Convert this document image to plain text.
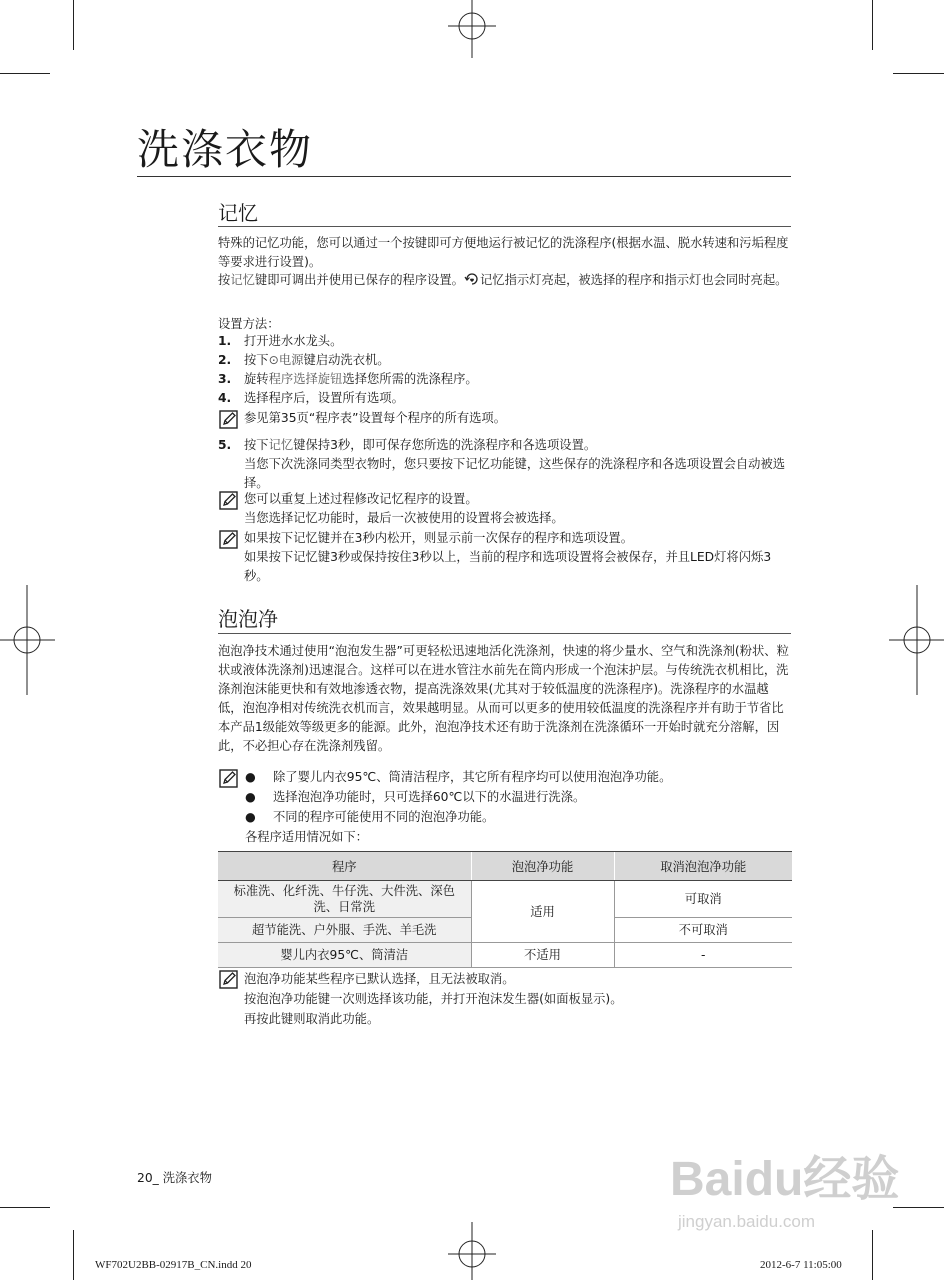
洗涤衣物
记忆
特殊的记忆功能，您可以通过一个按键即可方便地运行被记忆的洗涤程序(根据水温、脱水转速和污垢程度等要求进行设置)。
按记忆键即可调出并使用已保存的程序设置。 记忆指示灯亮起，被选择的程序和指示灯也会同时亮起。
设置方法：
1. 打开进水水龙头。
2. 按下⊙电源键启动洗衣机。
3. 旋转程序选择旋钮选择您所需的洗涤程序。
4. 选择程序后，设置所有选项。
参见第35页“程序表”设置每个程序的所有选项。
5. 按下记忆键保持3秒，即可保存您所选的洗涤程序和各选项设置。
当您下次洗涤同类型衣物时，您只要按下记忆功能键，这些保存的洗涤程序和各选项设置会自动被选择。
您可以重复上述过程修改记忆程序的设置。
当您选择记忆功能时，最后一次被使用的设置将会被选择。
如果按下记忆键并在3秒内松开，则显示前一次保存的程序和选项设置。
如果按下记忆键3秒或保持按住3秒以上，当前的程序和选项设置将会被保存，并且LED灯将闪烁3秒。
泡泡净
泡泡净技术通过使用“泡泡发生器”可更轻松迅速地活化洗涤剂，快速的将少量水、空气和洗涤剂(粉状、粒状或液体洗涤剂)迅速混合。这样可以在进水管注水前先在筒内形成一个泡沫护层。与传统洗衣机相比，洗涤剂泡沫能更快和有效地渗透衣物，提高洗涤效果(尤其对于较低温度的洗涤程序)。洗涤程序的水温越低，泡泡净相对传统洗衣机而言，效果越明显。从而可以更多的使用较低温度的洗涤程序并有助于节省比本产品1级能效等级更多的能源。此外，泡泡净技术还有助于洗涤剂在洗涤循环一开始时就充分溶解，因此，不必担心存在洗涤剂残留。
● 除了婴儿内衣95℃、筒清洁程序，其它所有程序均可以使用泡泡净功能。
● 选择泡泡净功能时，只可选择60℃以下的水温进行洗涤。
● 不同的程序可能使用不同的泡泡净功能。
各程序适用情况如下：
程序	泡泡净功能	取消泡泡净功能
标准洗、化纤洗、牛仔洗、大件洗、深色洗、日常洗	适用	可取消
超节能洗、户外服、手洗、羊毛洗		不可取消
婴儿内衣95℃、筒清洁	不适用	-
泡泡净功能某些程序已默认选择，且无法被取消。
按泡泡净功能键一次则选择该功能，并打开泡沫发生器(如面板显示)。
再按此键则取消此功能。
20_ 洗涤衣物
WF702U2BB-02917B_CN.indd 20	2012-6-7 11:05:00
Baidu经验
jingyan.baidu.com
